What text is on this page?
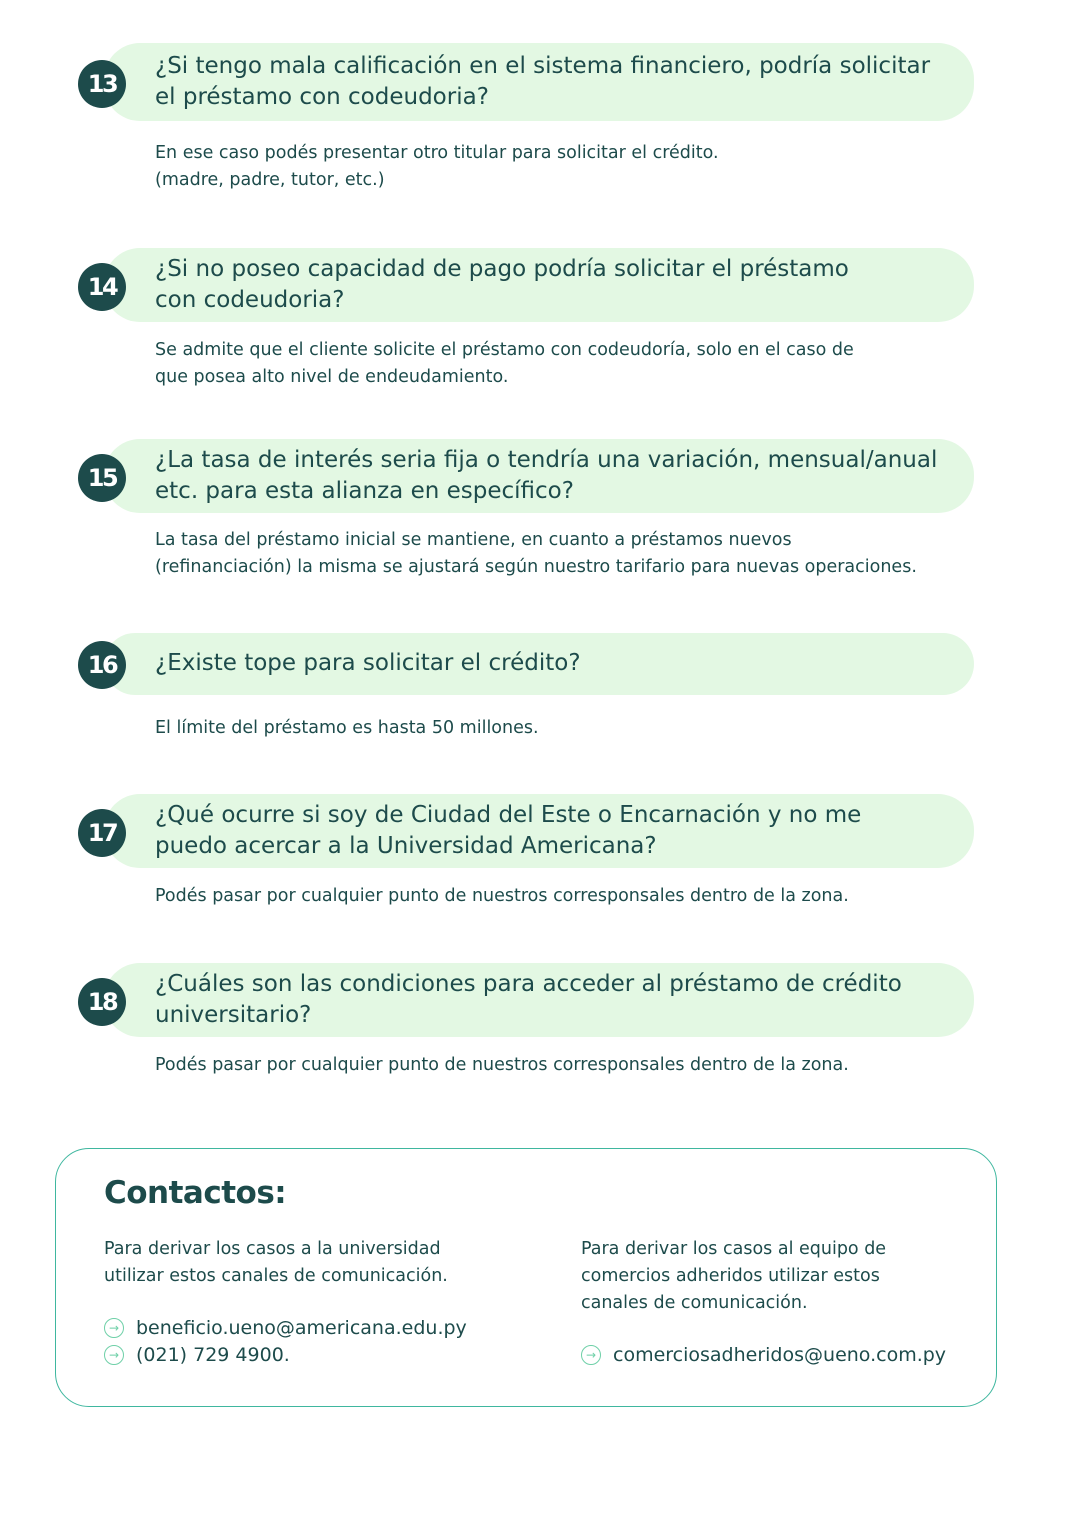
13
¿Si tengo mala calificación en el sistema financiero, podría solicitar
el préstamo con codeudoria?
En ese caso podés presentar otro titular para solicitar el crédito.
(madre, padre, tutor, etc.)
14
¿Si no poseo capacidad de pago podría solicitar el préstamo
con codeudoria?
Se admite que el cliente solicite el préstamo con codeudoría, solo en el caso de
que posea alto nivel de endeudamiento.
15
¿La tasa de interés seria fija o tendría una variación, mensual/anual
etc. para esta alianza en específico?
La tasa del préstamo inicial se mantiene, en cuanto a préstamos nuevos
(refinanciación) la misma se ajustará según nuestro tarifario para nuevas operaciones.
16	¿Existe tope para solicitar el crédito?
El límite del préstamo es hasta 50 millones.
17
¿Qué ocurre si soy de Ciudad del Este o Encarnación y no me
puedo acercar a la Universidad Americana?
Podés pasar por cualquier punto de nuestros corresponsales dentro de la zona.
18
¿Cuáles son las condiciones para acceder al préstamo de crédito
universitario?
Podés pasar por cualquier punto de nuestros corresponsales dentro de la zona.
Contactos:
Para derivar los casos a la universidad
utilizar estos canales de comunicación.
→ beneficio.ueno@americana.edu.py
→ (021) 729 4900.
Para derivar los casos al equipo de
comercios adheridos utilizar estos
canales de comunicación.
→ comerciosadheridos@ueno.com.py
